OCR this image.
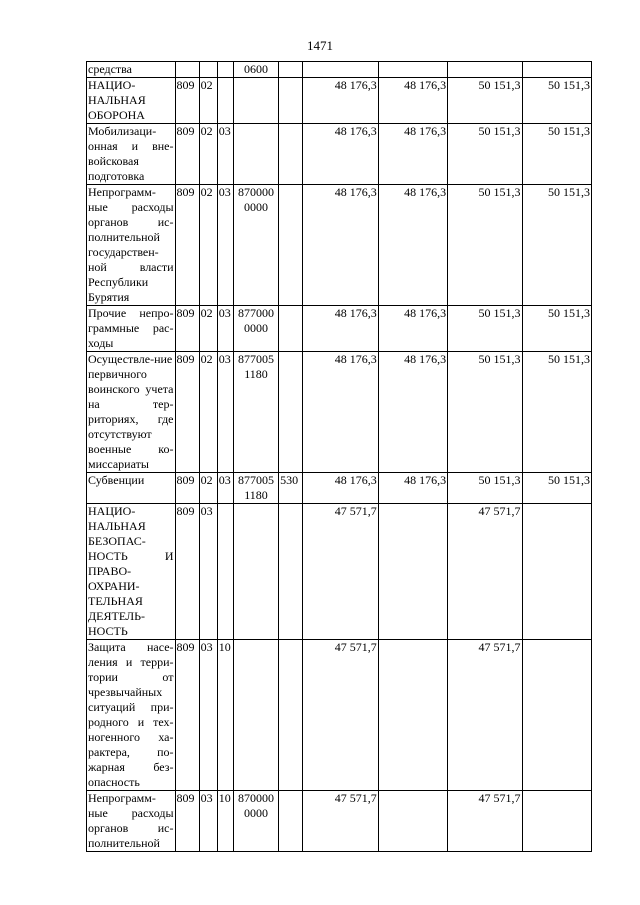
1471
средства				0600					
НАЦИО-НАЛЬНАЯ ОБОРОНА	809	02				48 176,3	48 176,3	50 151,3	50 151,3
Мобилизаци-онная и вне-войсковая подготовка	809	02	03			48 176,3	48 176,3	50 151,3	50 151,3
Непрограмм-ные расходы органов ис-полнительной государствен-ной власти Республики Бурятия	809	02	03	870000 0000		48 176,3	48 176,3	50 151,3	50 151,3
Прочие непро-граммные рас-ходы	809	02	03	877000 0000		48 176,3	48 176,3	50 151,3	50 151,3
Осуществле-ние первичного воинского учета на тер-риториях, где отсутствуют военные ко-миссариаты	809	02	03	877005 1180		48 176,3	48 176,3	50 151,3	50 151,3
Субвенции	809	02	03	877005 1180	530	48 176,3	48 176,3	50 151,3	50 151,3
НАЦИО-НАЛЬНАЯ БЕЗОПАС-НОСТЬ И ПРАВО-ОХРАНИ-ТЕЛЬНАЯ ДЕЯТЕЛЬ-НОСТЬ	809	03				47 571,7		47 571,7	
Защита насе-ления и терри-тории от чрезвычайных ситуаций при-родного и тех-ногенного ха-рактера, по-жарная без-опасность	809	03	10			47 571,7		47 571,7	
Непрограмм-ные расходы органов ис-полнительной	809	03	10	870000 0000		47 571,7		47 571,7	
